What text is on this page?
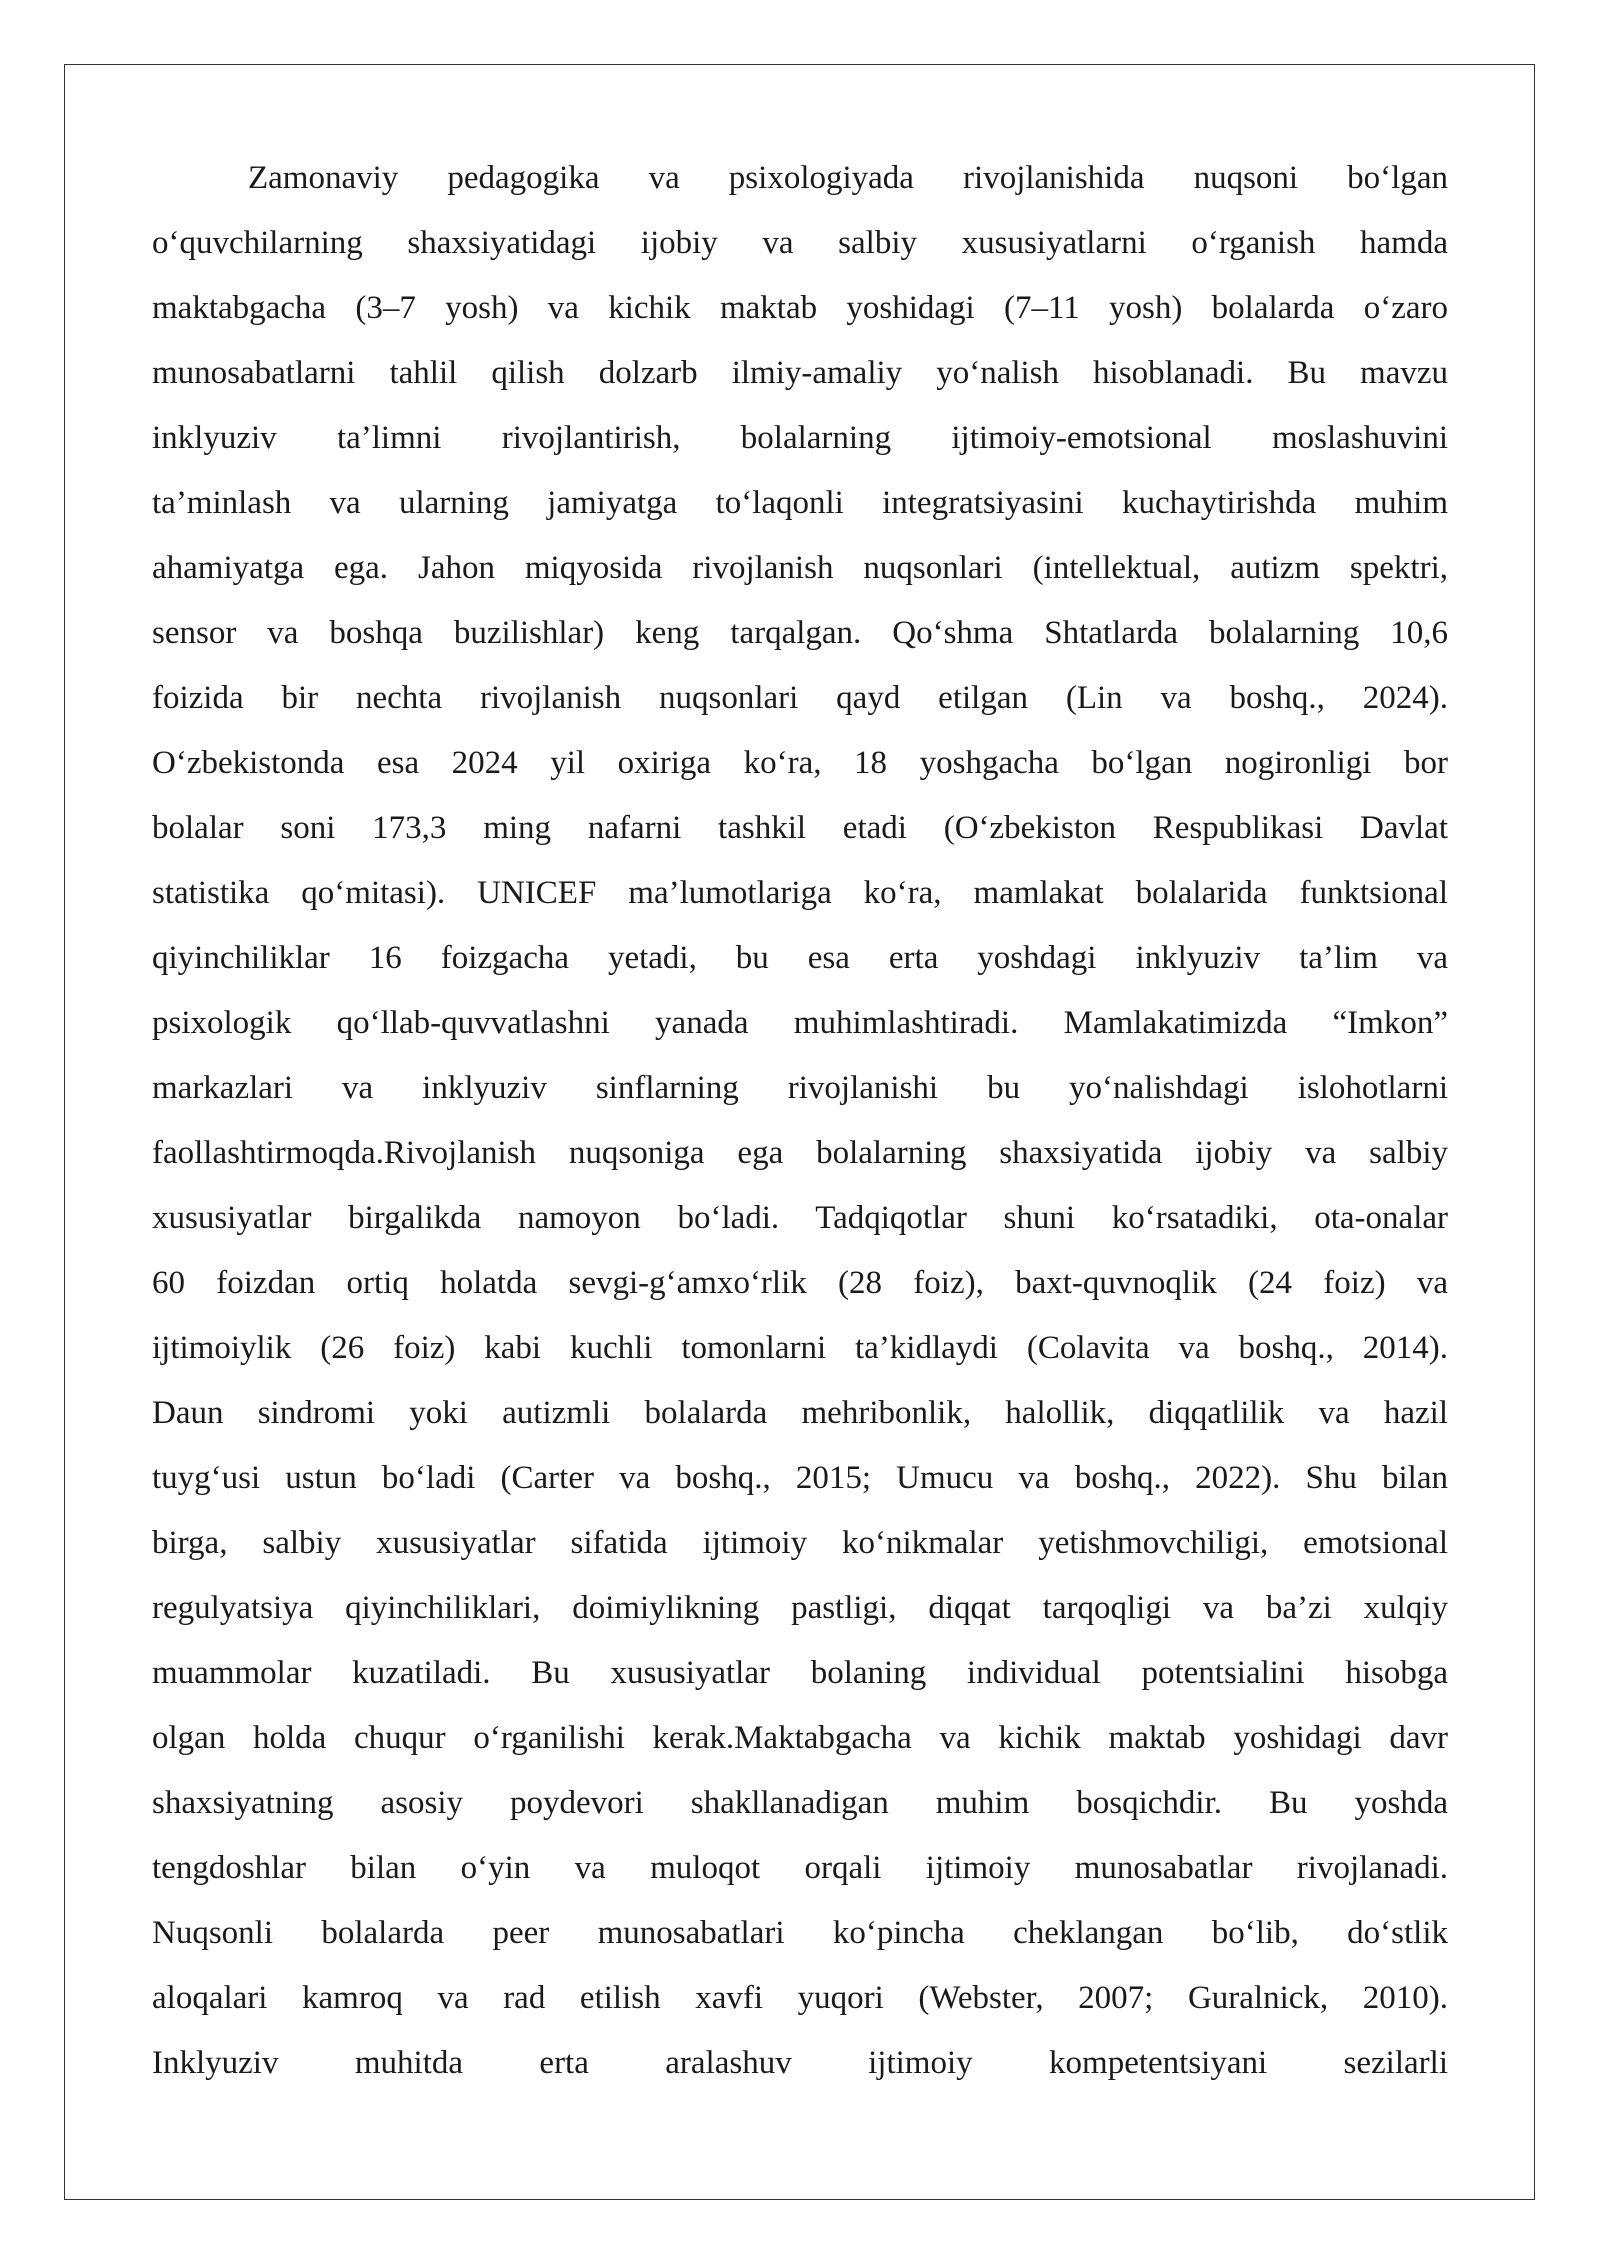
Zamonaviy pedagogika va psixologiyada rivojlanishida nuqsoni bo‘lgan
o‘quvchilarning shaxsiyatidagi ijobiy va salbiy xususiyatlarni o‘rganish hamda
maktabgacha (3–7 yosh) va kichik maktab yoshidagi (7–11 yosh) bolalarda o‘zaro
munosabatlarni tahlil qilish dolzarb ilmiy-amaliy yo‘nalish hisoblanadi. Bu mavzu
inklyuziv ta’limni rivojlantirish, bolalarning ijtimoiy-emotsional moslashuvini
ta’minlash va ularning jamiyatga to‘laqonli integratsiyasini kuchaytirishda muhim
ahamiyatga ega. Jahon miqyosida rivojlanish nuqsonlari (intellektual, autizm spektri,
sensor va boshqa buzilishlar) keng tarqalgan. Qo‘shma Shtatlarda bolalarning 10,6
foizida bir nechta rivojlanish nuqsonlari qayd etilgan (Lin va boshq., 2024).
O‘zbekistonda esa 2024 yil oxiriga ko‘ra, 18 yoshgacha bo‘lgan nogironligi bor
bolalar soni 173,3 ming nafarni tashkil etadi (O‘zbekiston Respublikasi Davlat
statistika qo‘mitasi). UNICEF ma’lumotlariga ko‘ra, mamlakat bolalarida funktsional
qiyinchiliklar 16 foizgacha yetadi, bu esa erta yoshdagi inklyuziv ta’lim va
psixologik qo‘llab-quvvatlashni yanada muhimlashtiradi. Mamlakatimizda “Imkon”
markazlari va inklyuziv sinflarning rivojlanishi bu yo‘nalishdagi islohotlarni
faollashtirmoqda.Rivojlanish nuqsoniga ega bolalarning shaxsiyatida ijobiy va salbiy
xususiyatlar birgalikda namoyon bo‘ladi. Tadqiqotlar shuni ko‘rsatadiki, ota-onalar
60 foizdan ortiq holatda sevgi-g‘amxo‘rlik (28 foiz), baxt-quvnoqlik (24 foiz) va
ijtimoiylik (26 foiz) kabi kuchli tomonlarni ta’kidlaydi (Colavita va boshq., 2014).
Daun sindromi yoki autizmli bolalarda mehribonlik, halollik, diqqatlilik va hazil
tuyg‘usi ustun bo‘ladi (Carter va boshq., 2015; Umucu va boshq., 2022). Shu bilan
birga, salbiy xususiyatlar sifatida ijtimoiy ko‘nikmalar yetishmovchiligi, emotsional
regulyatsiya qiyinchiliklari, doimiylikning pastligi, diqqat tarqoqligi va ba’zi xulqiy
muammolar kuzatiladi. Bu xususiyatlar bolaning individual potentsialini hisobga
olgan holda chuqur o‘rganilishi kerak.Maktabgacha va kichik maktab yoshidagi davr
shaxsiyatning asosiy poydevori shakllanadigan muhim bosqichdir. Bu yoshda
tengdoshlar bilan o‘yin va muloqot orqali ijtimoiy munosabatlar rivojlanadi.
Nuqsonli bolalarda peer munosabatlari ko‘pincha cheklangan bo‘lib, do‘stlik
aloqalari kamroq va rad etilish xavfi yuqori (Webster, 2007; Guralnick, 2010).
Inklyuziv muhitda erta aralashuv ijtimoiy kompetentsiyani sezilarli
